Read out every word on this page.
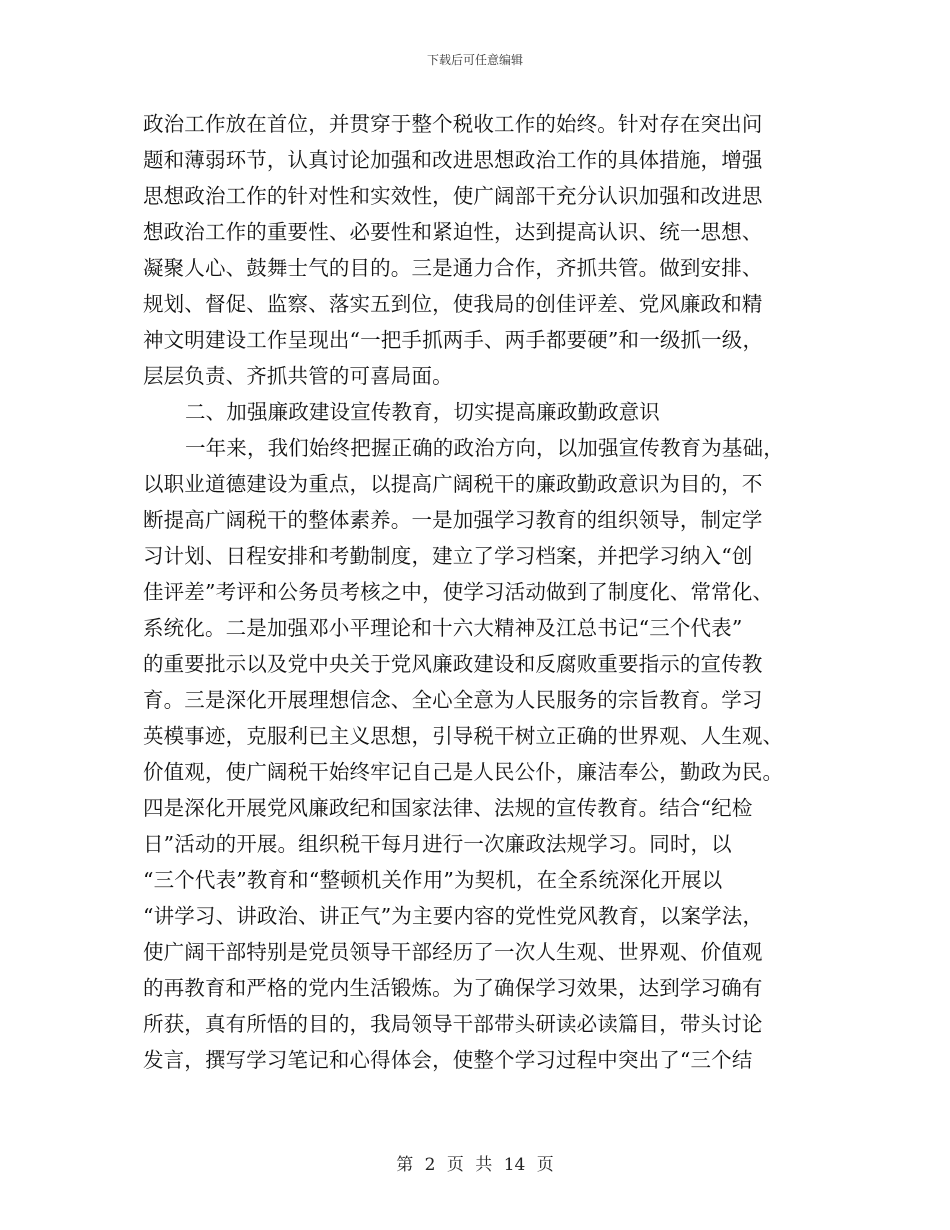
下载后可任意编辑
政治工作放在首位，并贯穿于整个税收工作的始终。针对存在突出问
题和薄弱环节，认真讨论加强和改进思想政治工作的具体措施，增强
思想政治工作的针对性和实效性，使广阔部干充分认识加强和改进思
想政治工作的重要性、必要性和紧迫性，达到提高认识、统一思想、
凝聚人心、鼓舞士气的目的。三是通力合作，齐抓共管。做到安排、
规划、督促、监察、落实五到位，使我局的创佳评差、党风廉政和精
神文明建设工作呈现出“一把手抓两手、两手都要硬”和一级抓一级，
层层负责、齐抓共管的可喜局面。
二、加强廉政建设宣传教育，切实提高廉政勤政意识
一年来，我们始终把握正确的政治方向，以加强宣传教育为基础，
以职业道德建设为重点，以提高广阔税干的廉政勤政意识为目的，不
断提高广阔税干的整体素养。一是加强学习教育的组织领导，制定学
习计划、日程安排和考勤制度，建立了学习档案，并把学习纳入“创
佳评差”考评和公务员考核之中，使学习活动做到了制度化、常常化、
系统化。二是加强邓小平理论和十六大精神及江总书记“三个代表”
的重要批示以及党中央关于党风廉政建设和反腐败重要指示的宣传教
育。三是深化开展理想信念、全心全意为人民服务的宗旨教育。学习
英模事迹，克服利已主义思想，引导税干树立正确的世界观、人生观、
价值观，使广阔税干始终牢记自己是人民公仆，廉洁奉公，勤政为民。
四是深化开展党风廉政纪和国家法律、法规的宣传教育。结合“纪检
日”活动的开展。组织税干每月进行一次廉政法规学习。同时，以
“三个代表”教育和“整顿机关作用”为契机，在全系统深化开展以
“讲学习、讲政治、讲正气”为主要内容的党性党风教育，以案学法，
使广阔干部特别是党员领导干部经历了一次人生观、世界观、价值观
的再教育和严格的党内生活锻炼。为了确保学习效果，达到学习确有
所获，真有所悟的目的，我局领导干部带头研读必读篇目，带头讨论
发言，撰写学习笔记和心得体会，使整个学习过程中突出了“三个结
第 2 页 共 14 页
